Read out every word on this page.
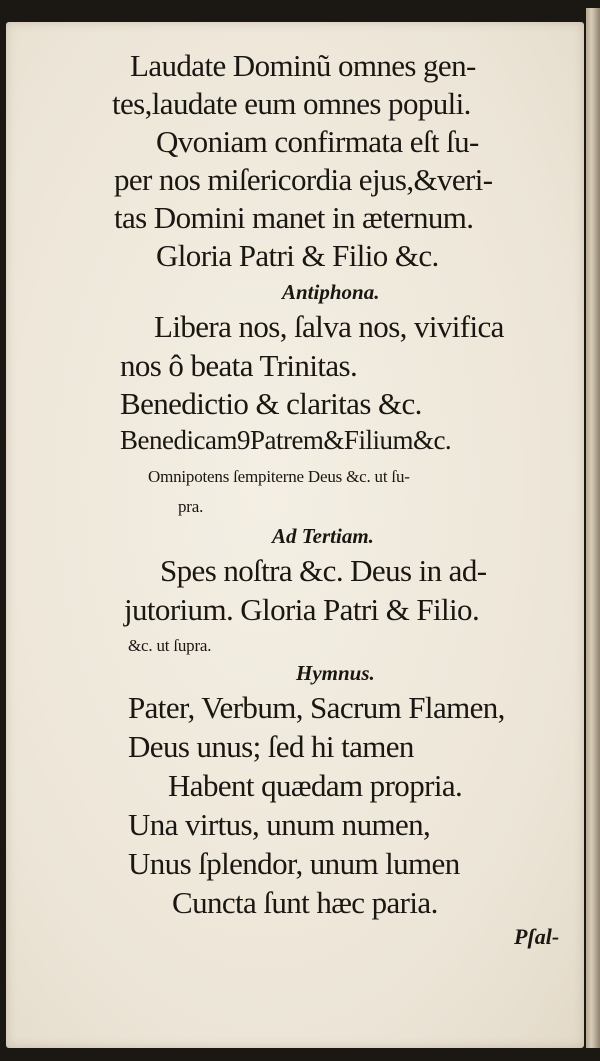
Laudate Dominũ omnes gen-

tes,laudate eum omnes populi.

Qvoniam confirmata eſt ſu-

per nos miſericordia ejus,&veri-

tas Domini manet in æternum.

Gloria Patri & Filio &c.

Antiphona.

Libera nos, ſalva nos, vivifica

nos ô beata Trinitas.

Benedictio & claritas &c.

Benedicam9Patrem&Filium&c.

Omnipotens ſempiterne Deus &c. ut ſu-

pra.

Ad Tertiam.

Spes noſtra &c. Deus in ad-

jutorium. Gloria Patri & Filio.

&c. ut ſupra.

Hymnus.

Pater, Verbum, Sacrum Flamen,

Deus unus; ſed hi tamen

Habent quædam propria.

Una virtus, unum numen,

Unus ſplendor, unum lumen

Cuncta ſunt hæc paria.

Pſal-
